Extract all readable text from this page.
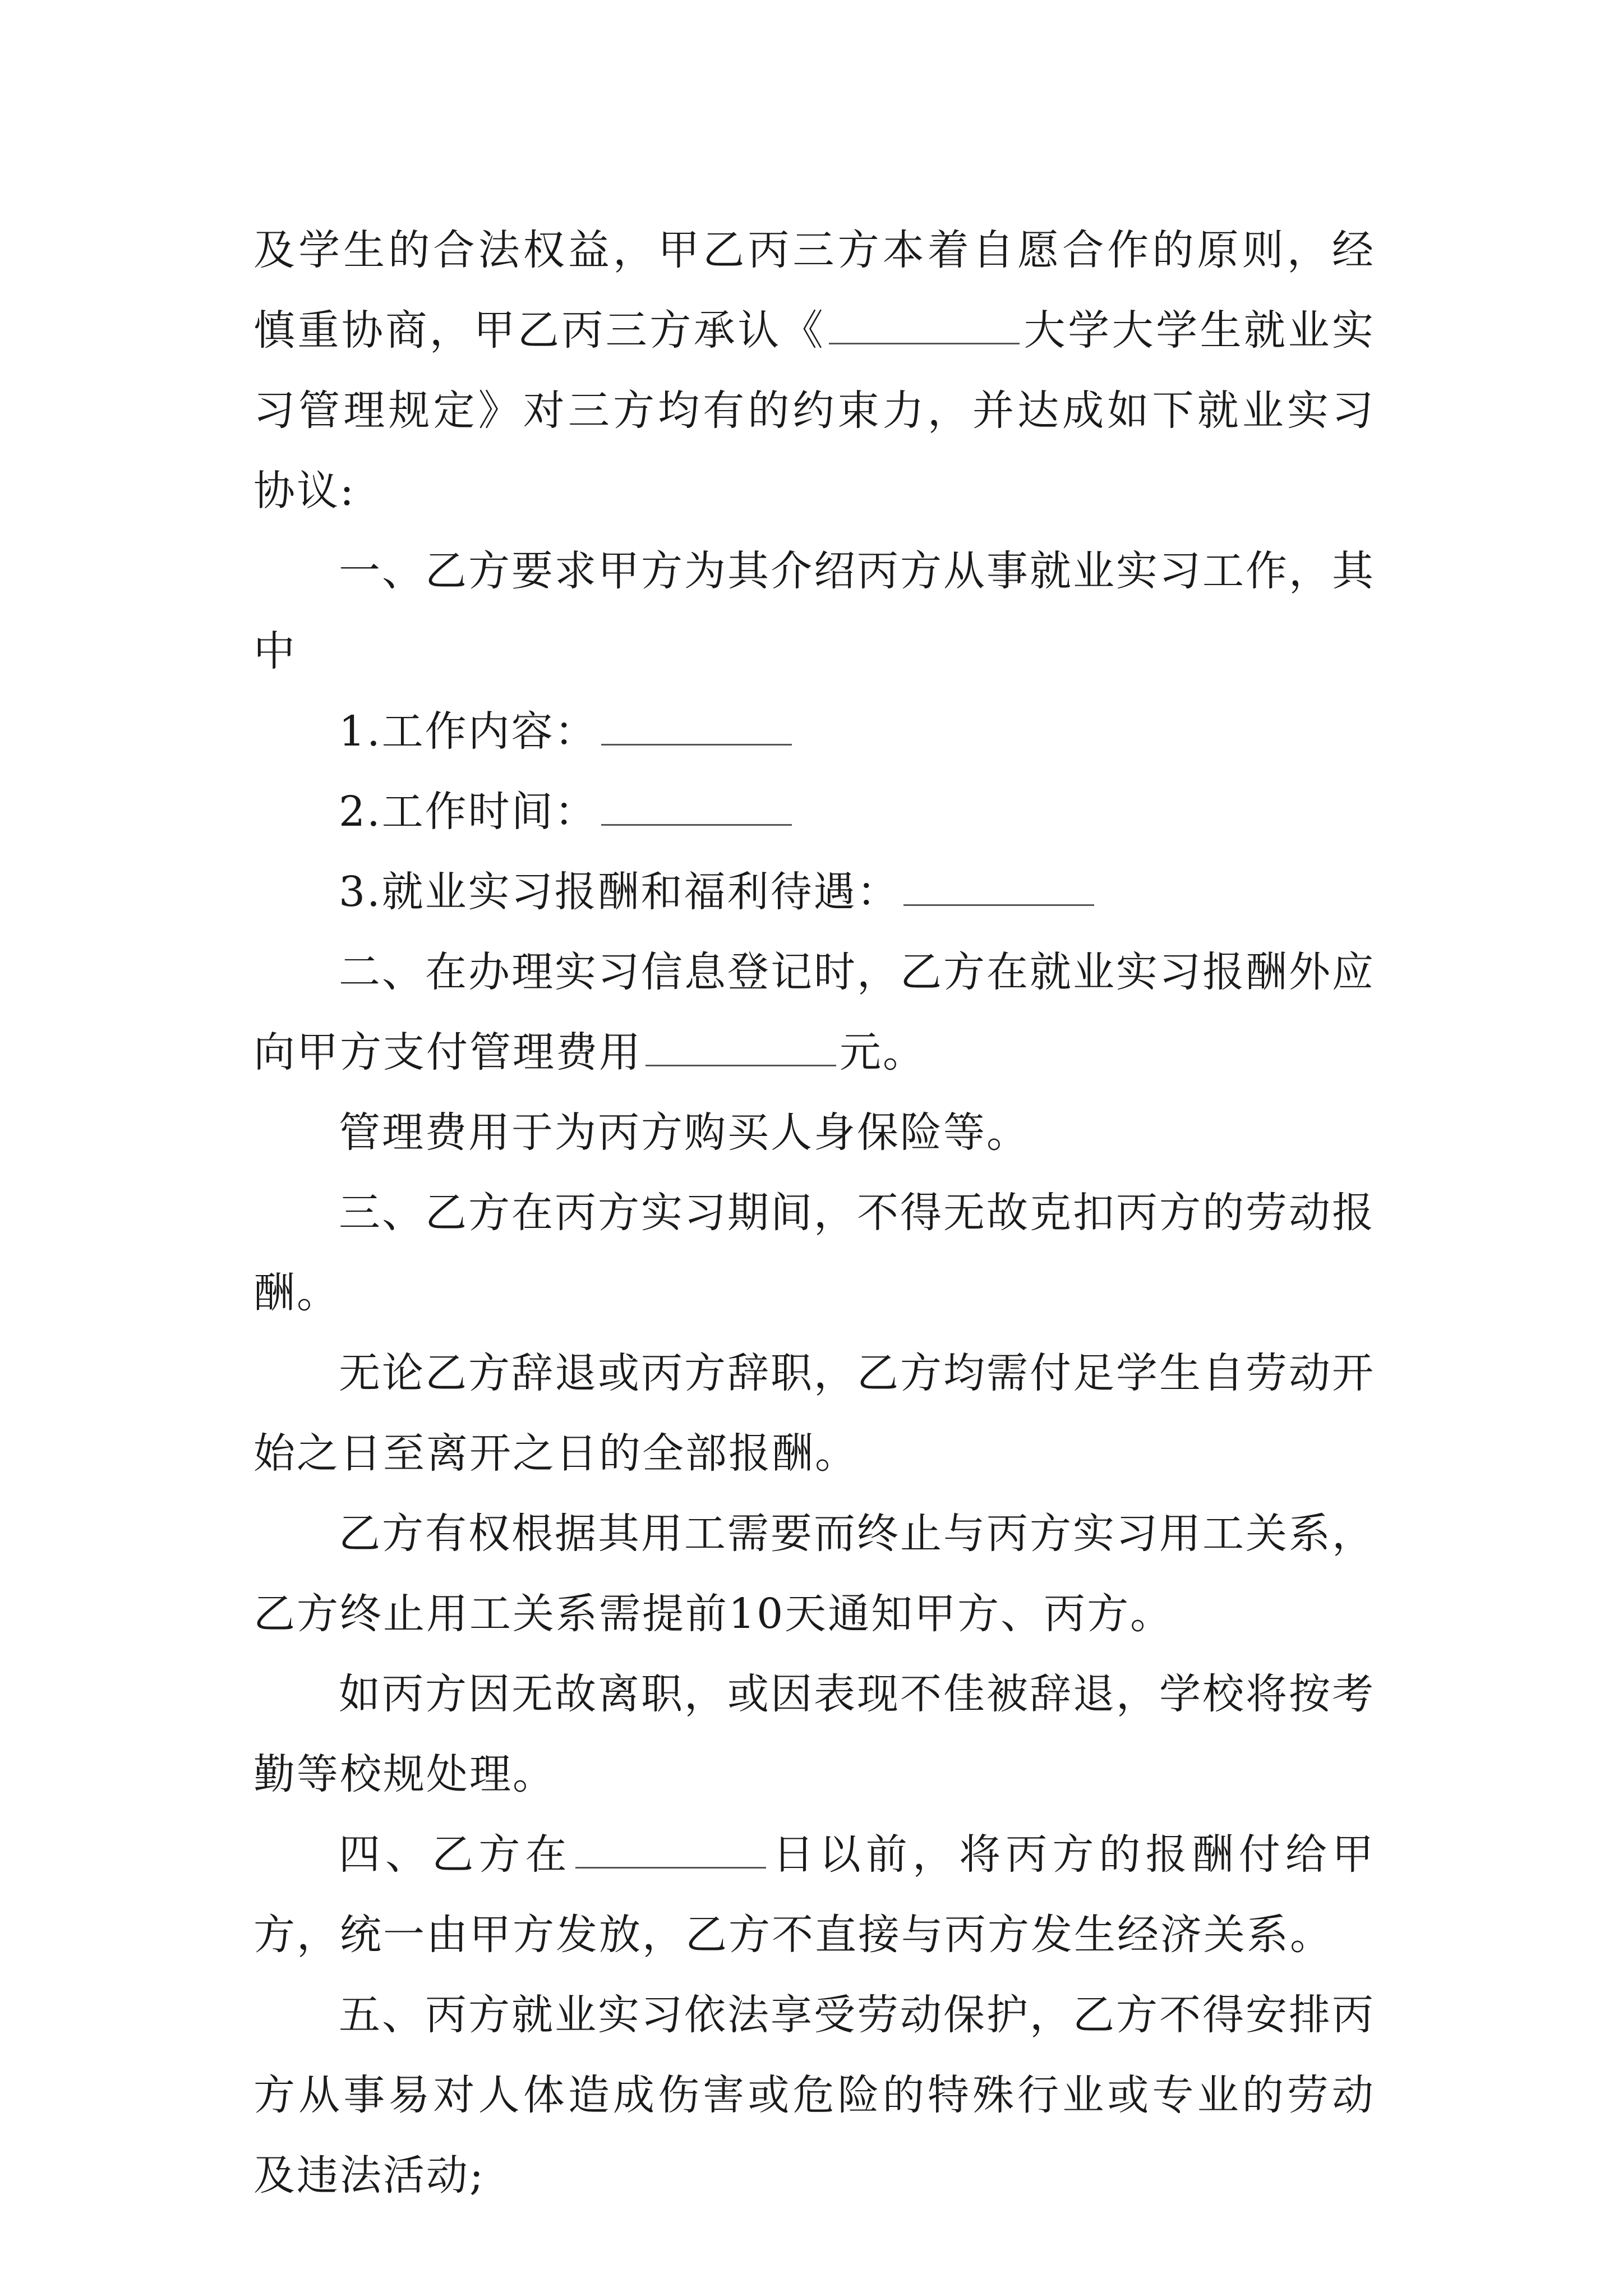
及学生的合法权益，甲乙丙三方本着自愿合作的原则，经慎重协商，甲乙丙三方承认《	大学大学生就业实习管理规定》对三方均有的约束力，并达成如下就业实习协议:

一、乙方要求甲方为其介绍丙方从事就业实习工作，其中

1.工作内容：

2.工作时间：

3.就业实习报酬和福利待遇：

二、在办理实习信息登记时，乙方在就业实习报酬外应向甲方支付管理费用	元。

管理费用于为丙方购买人身保险等。

三、乙方在丙方实习期间，不得无故克扣丙方的劳动报酬。

无论乙方辞退或丙方辞职，乙方均需付足学生自劳动开始之日至离开之日的全部报酬。

乙方有权根据其用工需要而终止与丙方实习用工关系，乙方终止用工关系需提前10天通知甲方、丙方。

如丙方因无故离职，或因表现不佳被辞退，学校将按考勤等校规处理。

四、乙方在	日以前，将丙方的报酬付给甲方，统一由甲方发放，乙方不直接与丙方发生经济关系。

五、丙方就业实习依法享受劳动保护，乙方不得安排丙方从事易对人体造成伤害或危险的特殊行业或专业的劳动及违法活动;
